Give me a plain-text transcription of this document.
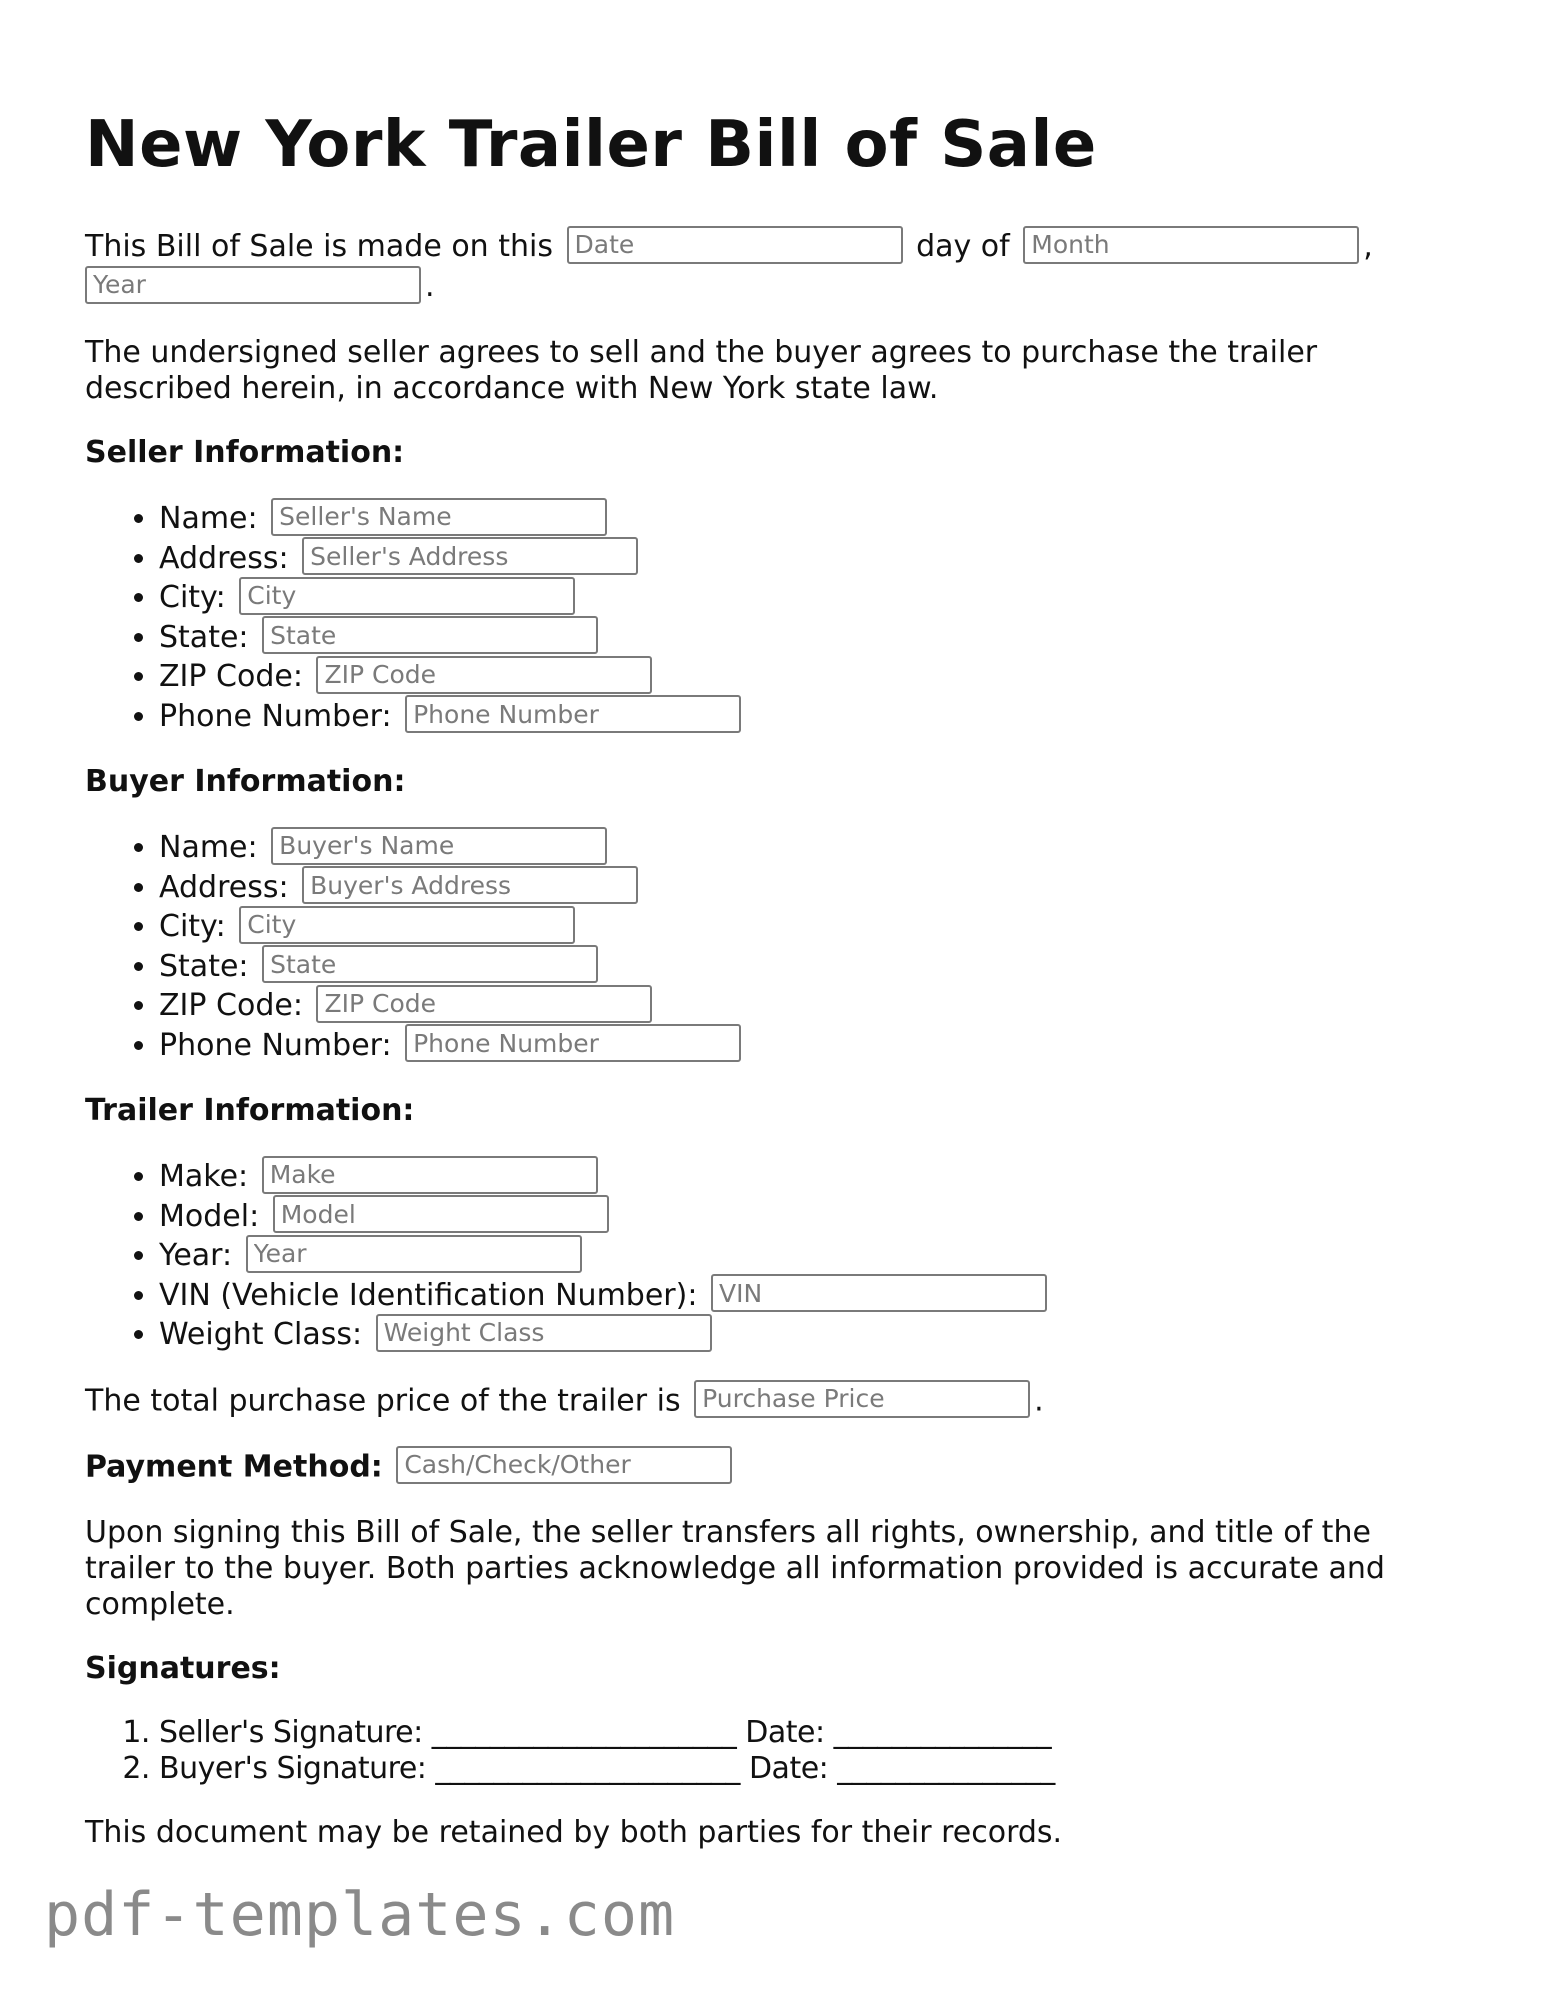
New York Trailer Bill of Sale

This Bill of Sale is made on this Date	day of Month	,
Year.

The undersigned seller agrees to sell and the buyer agrees to purchase the trailer described herein, in accordance with New York state law.

Seller Information:
• Name: Seller's Name
• Address: Seller's Address
• City: City
• State: State
• ZIP Code: ZIP Code
• Phone Number: Phone Number
Buyer Information:
• Name: Buyer's Name
• Address: Buyer's Address
• City: City
• State: State
• ZIP Code: ZIP Code
• Phone Number: Phone Number
Trailer Information:
• Make: Make
• Model: Model
• Year: Year
• VIN (Vehicle Identification Number): VIN
• Weight Class: Weight Class

The total purchase price of the trailer is Purchase Price	.

Payment Method: Cash/Check/Other

Upon signing this Bill of Sale, the seller transfers all rights, ownership, and title of the trailer to the buyer. Both parties acknowledge all information provided is accurate and complete.

Signatures:
1. Seller's Signature: _____________________ Date: _______________
2. Buyer's Signature: _____________________ Date: _______________

This document may be retained by both parties for their records.

pdf-templates.com
